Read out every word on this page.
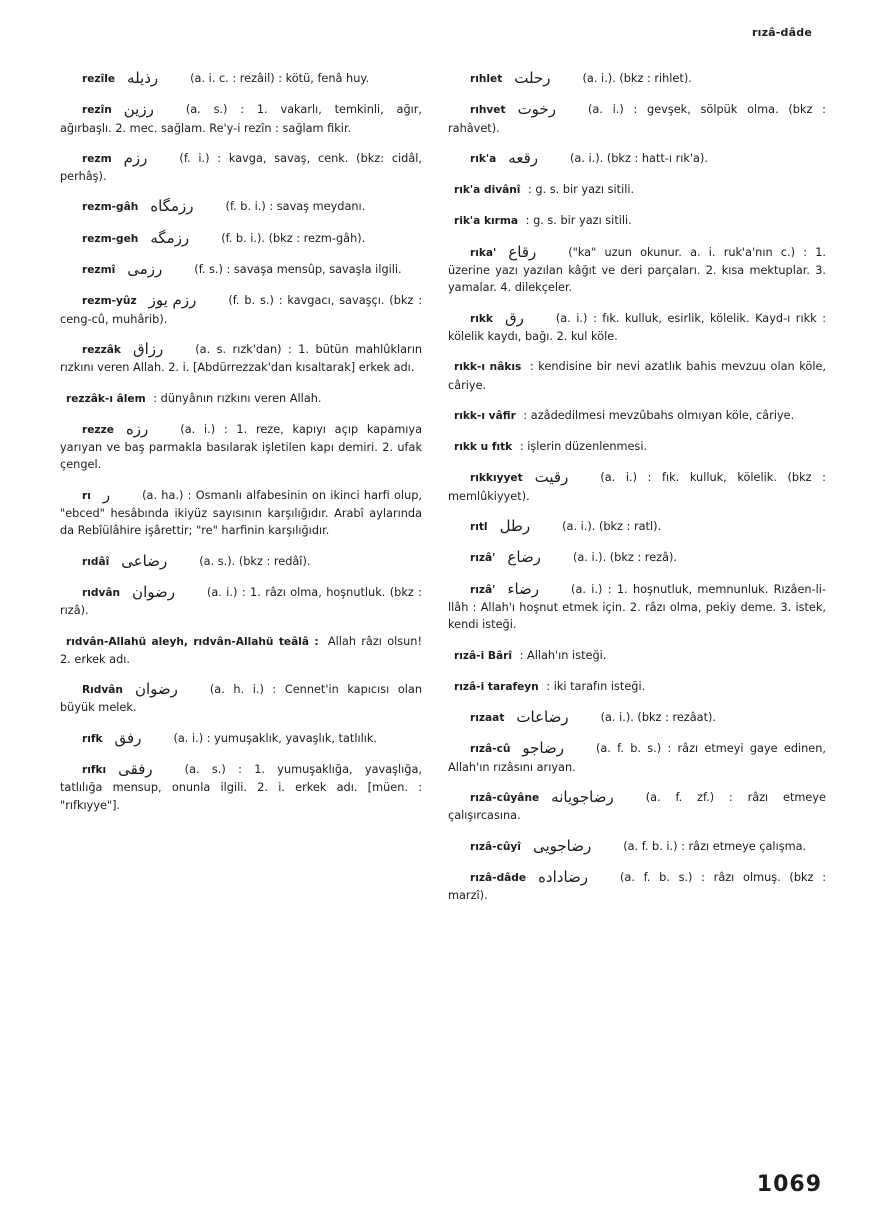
rızâ-dâde
rezîle رذیله	(a. i. c. : rezâil) : kötü, fenâ huy.
rezîn رزین	(a. s.) : 1. vakarlı, temkinli, ağır, ağırbaşlı. 2. mec. sağlam. Re'y-i rezîn : sağlam fikir.
rezm رزم	(f. i.) : kavga, savaş, cenk. (bkz: cidâl, perhâş).
rezm-gâh رزمگاه	(f. b. i.) : savaş meydanı.
rezm-geh رزمگه	(f. b. i.). (bkz : rezm-gâh).
rezmî رزمی	(f. s.) : savaşa mensûp, savaşla ilgili.
rezm-yûz رزم یوز	(f. b. s.) : kavgacı, savaşçı. (bkz : ceng-cû, muhârib).
rezzâk رزاق	(a. s. rızk'dan) : 1. bütün mahlûkların rızkını veren Allah. 2. i. [Abdürrezzak'dan kısaltarak] erkek adı.
rezzâk-ı âlem : dünyânın rızkını veren Allah.
rezze رزه	(a. i.) : 1. reze, kapıyı açıp kapamıya yarıyan ve baş parmakla basılarak işletilen kapı demiri. 2. ufak çengel.
rı ر	(a. ha.) : Osmanlı alfabesinin on ikinci harfi olup, "ebced" hesâbında ikiyüz sayısının karşılığıdır. Arabî aylarında da Rebîülâhire işârettir; "re" harfinin karşılığıdır.
rıdâî رضاعی	(a. s.). (bkz : redâî).
rıdvân رضوان	(a. i.) : 1. râzı olma, hoşnutluk. (bkz : rızâ).
rıdvân-Allahü aleyh, rıdvân-Allahü teâlâ : Allah râzı olsun! 2. erkek adı.
Rıdvân رضوان	(a. h. i.) : Cennet'in kapıcısı olan büyük melek.
rıfk رفق	(a. i.) : yumuşaklık, yavaşlık, tatlılık.
rıfkı رفقی	(a. s.) : 1. yumuşaklığa, yavaşlığa, tatlılığa mensup, onunla ilgili. 2. i. erkek adı. [müen. : "rıfkıyye"].
rıhlet رحلت	(a. i.). (bkz : rihlet).
rıhvet رخوت	(a. i.) : gevşek, sölpük olma. (bkz : rahâvet).
rık'a رقعه	(a. i.). (bkz : hatt-ı rık'a).
rık'a divânî : g. s. bir yazı sitili.
rik'a kırma : g. s. bir yazı sitili.
rıka' رقاع	("ka" uzun okunur. a. i. ruk'a'nın c.) : 1. üzerine yazı yazılan kâğıt ve deri parçaları. 2. kısa mektuplar. 3. yamalar. 4. dilekçeler.
rıkk رق	(a. i.) : fık. kulluk, esirlik, kölelik. Kayd-ı rıkk : kölelik kaydı, bağı. 2. kul köle.
rıkk-ı nâkıs : kendisine bir nevi azatlık bahis mevzuu olan köle, câriye.
rıkk-ı vâfir : azâdedilmesi mevzûbahs olmıyan köle, câriye.
rıkk u fıtk : işlerin düzenlenmesi.
rıkkıyyet رقیت	(a. i.) : fık. kulluk, kölelik. (bkz : memlûkiyyet).
rıtl رطل	(a. i.). (bkz : ratl).
rızâ' رضاع	(a. i.). (bkz : rezâ).
rızâ' رضاء	(a. i.) : 1. hoşnutluk, memnunluk. Rızâen-li-llâh : Allah'ı hoşnut etmek için. 2. râzı olma, pekiy deme. 3. istek, kendi isteği.
rızâ-i Bârî : Allah'ın isteği.
rızâ-i tarafeyn : iki tarafın isteği.
rızaat رضاعات	(a. i.). (bkz : rezâat).
rızâ-cû رضاجو	(a. f. b. s.) : râzı etmeyi gaye edinen, Allah'ın rızâsını arıyan.
rızâ-cûyâne رضاجویانه	(a. f. zf.) : râzı etmeye çalışırcasına.
rızâ-cûyî رضاجویی	(a. f. b. i.) : râzı etmeye çalışma.
rızâ-dâde رضاداده	(a. f. b. s.) : râzı olmuş. (bkz : marzî).
1069
